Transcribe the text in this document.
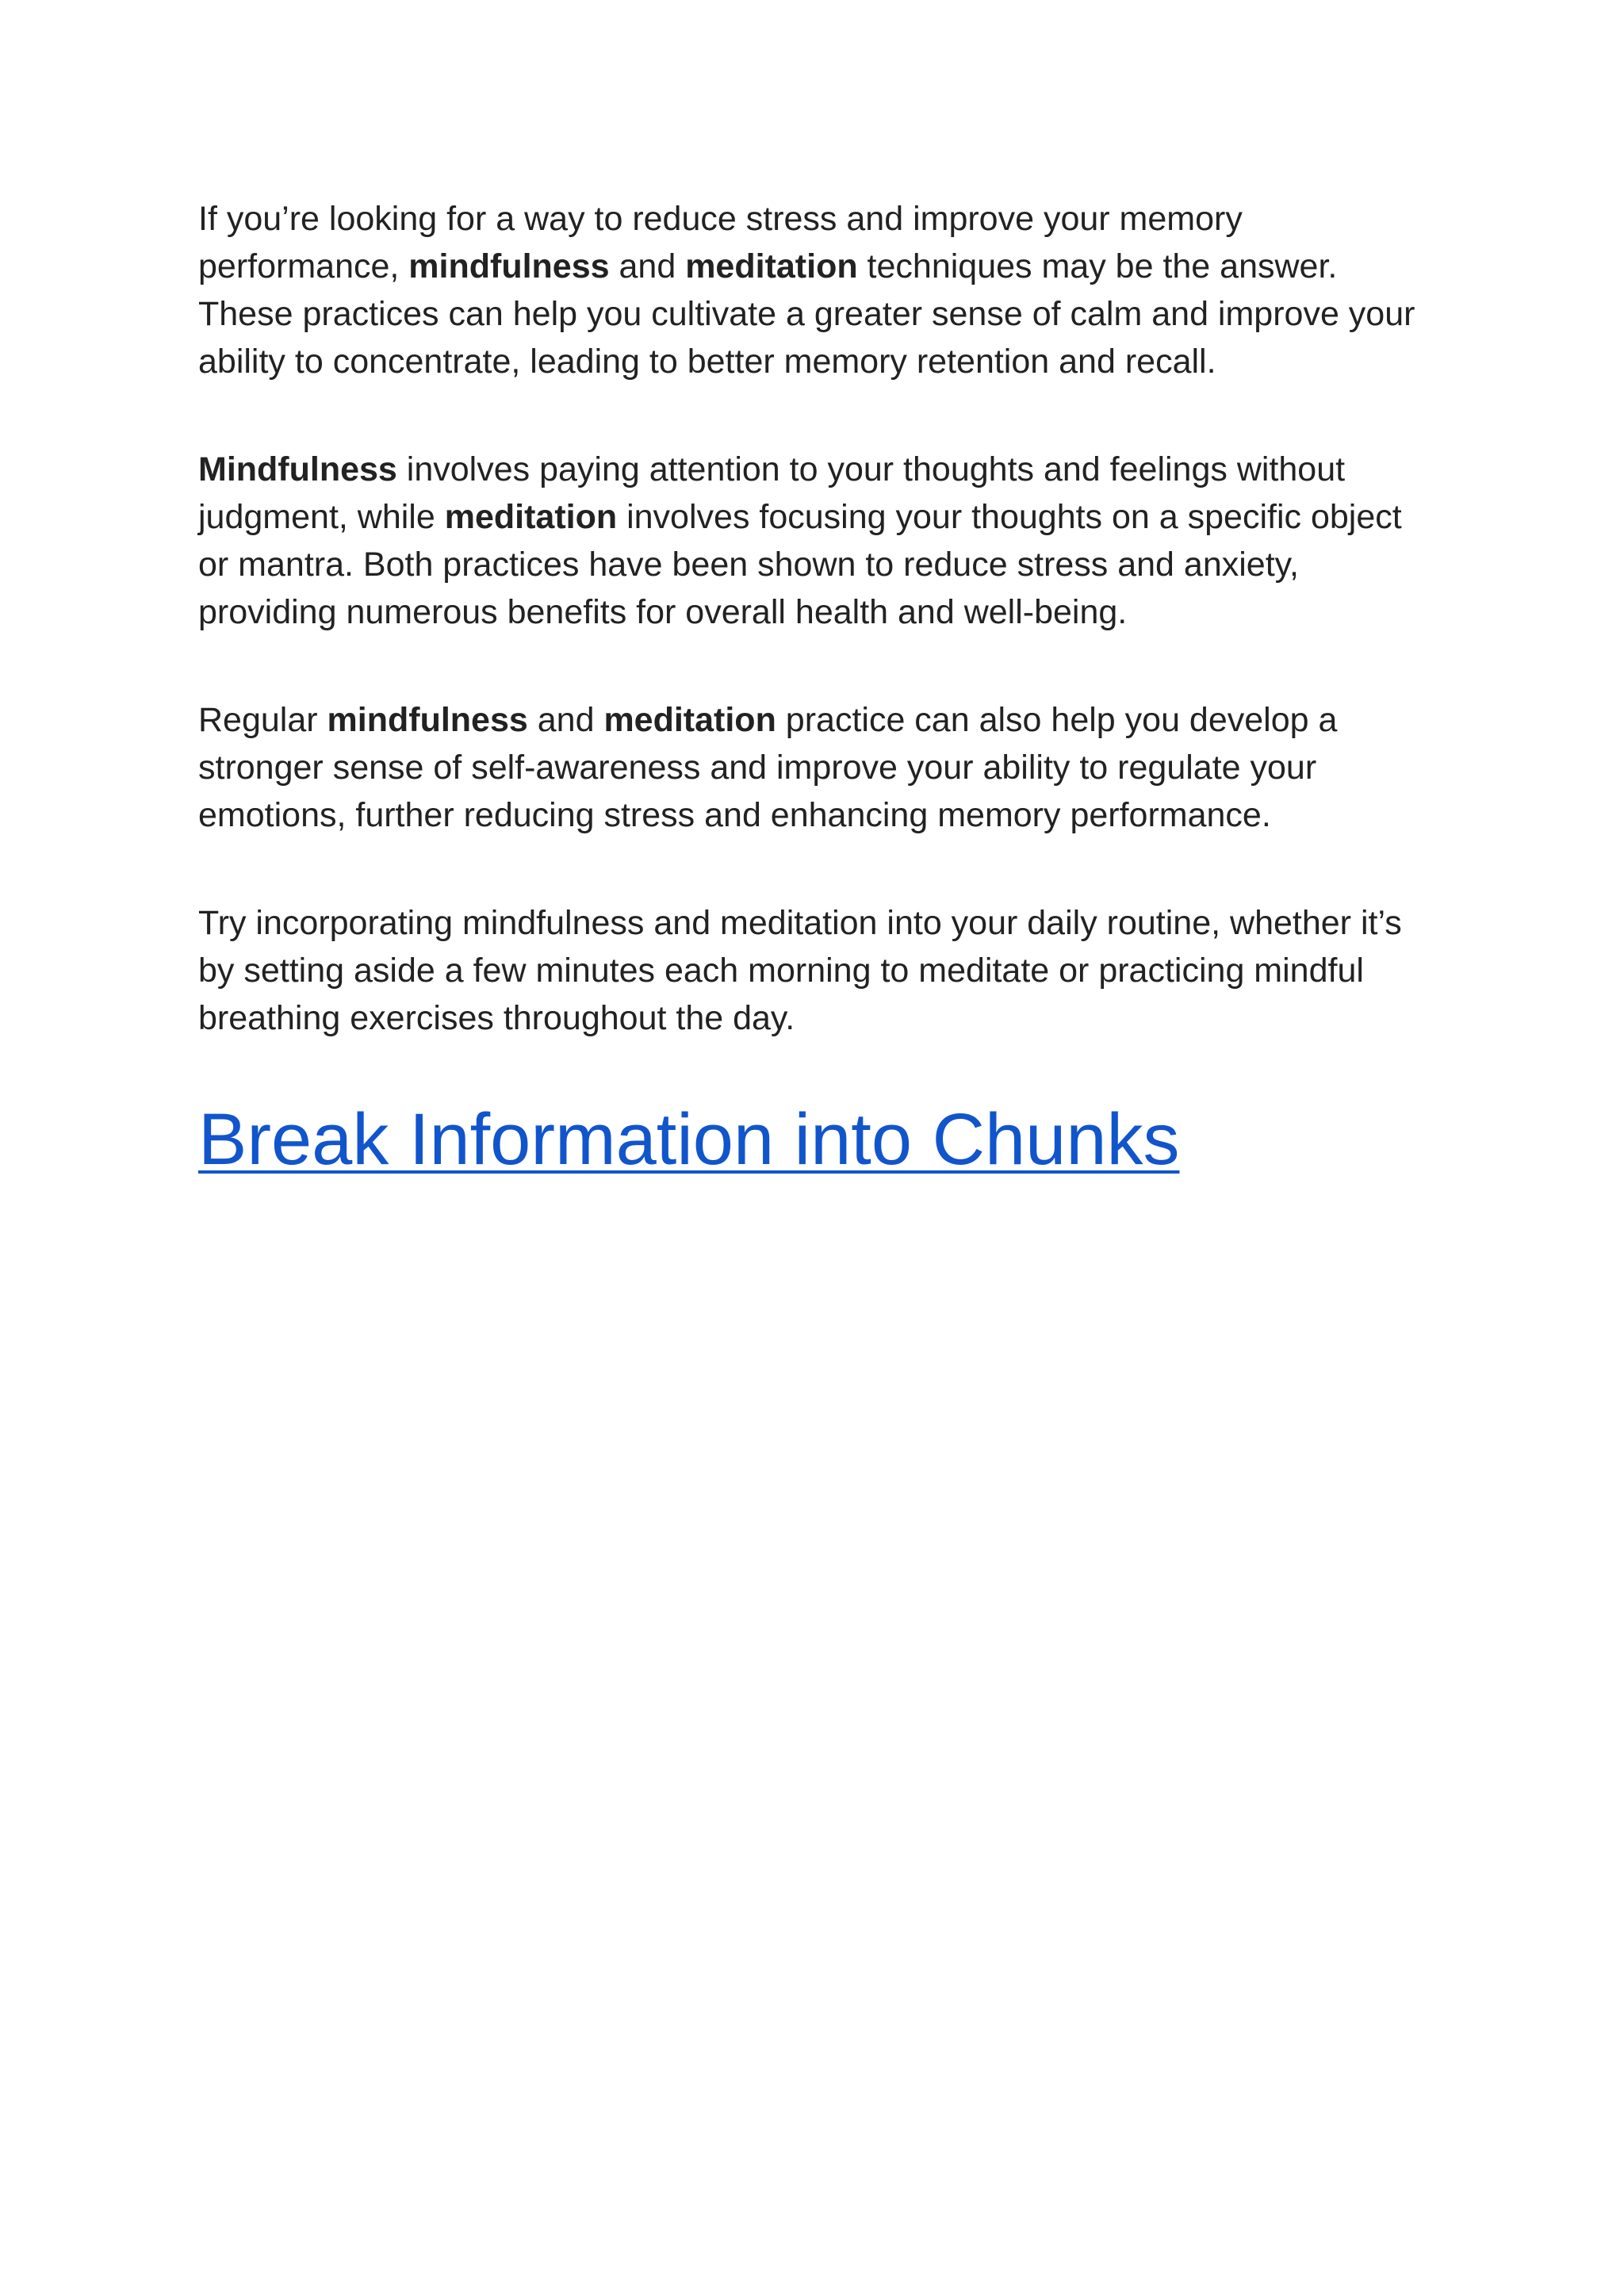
If you’re looking for a way to reduce stress and improve your memory performance, mindfulness and meditation techniques may be the answer. These practices can help you cultivate a greater sense of calm and improve your ability to concentrate, leading to better memory retention and recall.

Mindfulness involves paying attention to your thoughts and feelings without judgment, while meditation involves focusing your thoughts on a specific object or mantra. Both practices have been shown to reduce stress and anxiety, providing numerous benefits for overall health and well-being.

Regular mindfulness and meditation practice can also help you develop a stronger sense of self-awareness and improve your ability to regulate your emotions, further reducing stress and enhancing memory performance.

Try incorporating mindfulness and meditation into your daily routine, whether it’s by setting aside a few minutes each morning to meditate or practicing mindful breathing exercises throughout the day.

Break Information into Chunks
